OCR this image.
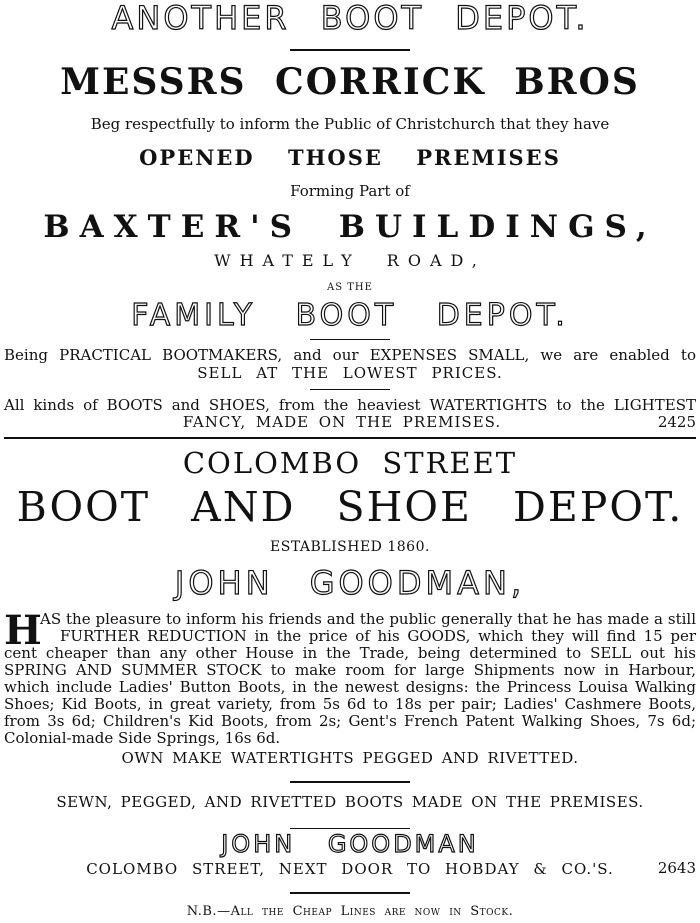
ANOTHER BOOT DEPOT.
MESSRS CORRICK BROS
Beg respectfully to inform the Public of Christchurch that they have
OPENED THOSE PREMISES
Forming Part of
BAXTER'S BUILDINGS,
WHATELY ROAD,
AS THE
FAMILY BOOT DEPOT.
Being PRACTICAL BOOTMAKERS, and our EXPENSES SMALL, we are enabled to
SELL AT THE LOWEST PRICES.
All kinds of BOOTS and SHOES, from the heaviest WATERTIGHTS to the LIGHTEST
FANCY, MADE ON THE PREMISES.	2425
COLOMBO STREET
BOOT AND SHOE DEPOT.
ESTABLISHED 1860.
JOHN GOODMAN,
H
AS the pleasure to inform his friends and the public generally that he has made a still
FURTHER REDUCTION in the price of his GOODS, which they will find 15 per
cent cheaper than any other House in the Trade, being determined to SELL out his
SPRING AND SUMMER STOCK to make room for large Shipments now in Harbour,
which include Ladies' Button Boots, in the newest designs: the Princess Louisa Walking
Shoes; Kid Boots, in great variety, from 5s 6d to 18s per pair; Ladies' Cashmere Boots,
from 3s 6d; Children's Kid Boots, from 2s; Gent's French Patent Walking Shoes, 7s 6d;
Colonial-made Side Springs, 16s 6d.
OWN MAKE WATERTIGHTS PEGGED AND RIVETTED.
SEWN, PEGGED, AND RIVETTED BOOTS MADE ON THE PREMISES.
JOHN GOODMAN
COLOMBO STREET, NEXT DOOR TO HOBDAY & CO.'S.	2643
N.B.—All the Cheap Lines are now in Stock.
